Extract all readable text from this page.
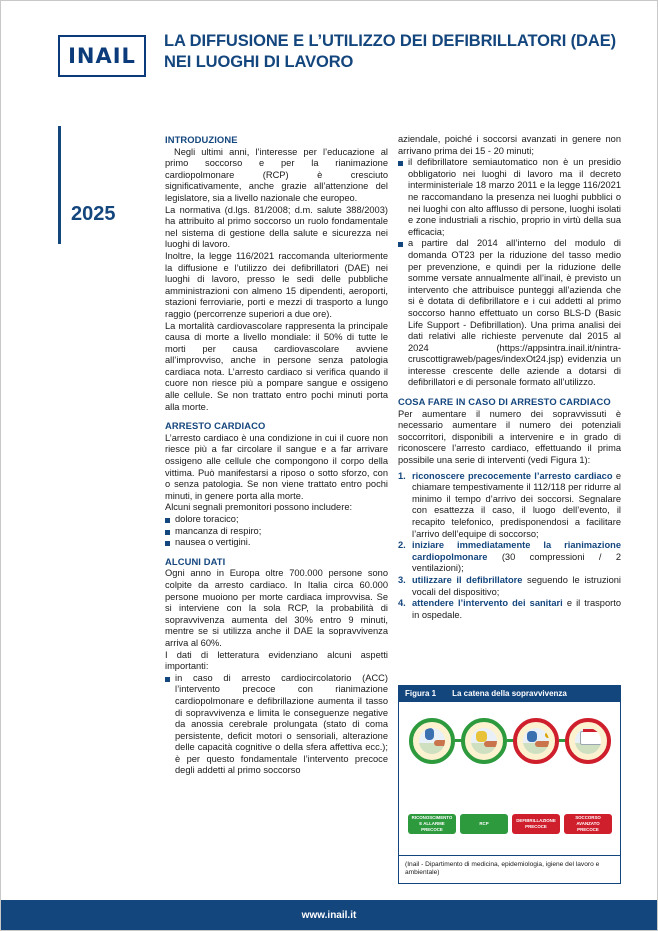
INAIL
LA DIFFUSIONE E L’UTILIZZO DEI DEFIBRILLATORI (DAE) NEI LUOGHI DI LAVORO
2025
INTRODUZIONE

Negli ultimi anni, l’interesse per l’educazione al primo soccorso e per la rianimazione cardiopolmonare (RCP) è cresciuto significativamente, anche grazie all’attenzione del legislatore, sia a livello nazionale che europeo.

La normativa (d.lgs. 81/2008; d.m. salute 388/2003) ha attribuito al primo soccorso un ruolo fondamentale nel sistema di gestione della salute e sicurezza nei luoghi di lavoro.

Inoltre, la legge 116/2021 raccomanda ulteriormente la diffusione e l’utilizzo dei defibrillatori (DAE) nei luoghi di lavoro, presso le sedi delle pubbliche amministrazioni con almeno 15 dipendenti, aeroporti, stazioni ferroviarie, porti e mezzi di trasporto a lungo raggio (percorrenze superiori a due ore).

La mortalità cardiovascolare rappresenta la principale causa di morte a livello mondiale: il 50% di tutte le morti per causa cardiovascolare avviene all’improvviso, anche in persone senza patologia cardiaca nota. L’arresto cardiaco si verifica quando il cuore non riesce più a pompare sangue e ossigeno alle cellule. Se non trattato entro pochi minuti porta alla morte.

ARRESTO CARDIACO

L’arresto cardiaco è una condizione in cui il cuore non riesce più a far circolare il sangue e a far arrivare ossigeno alle cellule che compongono il corpo della vittima. Può manifestarsi a riposo o sotto sforzo, con o senza patologia. Se non viene trattato entro pochi minuti, in genere porta alla morte.

Alcuni segnali premonitori possono includere:

dolore toracico;
mancanza di respiro;
nausea o vertigini.
ALCUNI DATI

Ogni anno in Europa oltre 700.000 persone sono colpite da arresto cardiaco. In Italia circa 60.000 persone muoiono per morte cardiaca improvvisa. Se si interviene con la sola RCP, la probabilità di sopravvivenza aumenta del 30% entro 9 minuti, mentre se si utilizza anche il DAE la sopravvivenza arriva al 60%.

I dati di letteratura evidenziano alcuni aspetti importanti:

in caso di arresto cardiocircolatorio (ACC) l’intervento precoce con rianimazione cardiopolmonare e defibrillazione aumenta il tasso di sopravvivenza e limita le conseguenze negative da anossia cerebrale prolungata (stato di coma persistente, deficit motori o sensoriali, alterazione delle capacità cognitive o della sfera affettiva ecc.); è per questo fondamentale l’intervento precoce degli addetti al primo soccorso

aziendale, poiché i soccorsi avanzati in genere non arrivano prima dei 15 - 20 minuti;

il defibrillatore semiautomatico non è un presidio obbligatorio nei luoghi di lavoro ma il decreto interministeriale 18 marzo 2011 e la legge 116/2021 ne raccomandano la presenza nei luoghi pubblici o nei luoghi con alto afflusso di persone, luoghi isolati e zone industriali a rischio, proprio in virtù della sua efficacia;
a partire dal 2014 all’interno del modulo di domanda OT23 per la riduzione del tasso medio per prevenzione, e quindi per la riduzione delle somme versate annualmente all’inail, è previsto un intervento che attribuisce punteggi all’azienda che si è dotata di defibrillatore e i cui addetti al primo soccorso hanno effettuato un corso BLS-D (Basic Life Support - Defibrillation). Una prima analisi dei dati relativi alle richieste pervenute dal 2015 al 2024 (https://appsintra.inail.it/nintra-cruscottigraweb/pages/indexOt24.jsp) evidenzia un interesse crescente delle aziende a dotarsi di defibrillatori e di personale formato all’utilizzo.
COSA FARE IN CASO DI ARRESTO CARDIACO

Per aumentare il numero dei sopravvissuti è necessario aumentare il numero dei potenziali soccorritori, disponibili a intervenire e in grado di riconoscere l’arresto cardiaco, effettuando il prima possibile una serie di interventi (vedi Figura 1):

riconoscere precocemente l’arresto cardiaco e chiamare tempestivamente il 112/118 per ridurre al minimo il tempo d’arrivo dei soccorsi. Segnalare con esattezza il caso, il luogo dell’evento, il recapito telefonico, predisponendosi a facilitare l’arrivo dell’equipe di soccorso;
iniziare immediatamente la rianimazione cardiopolmonare (30 compressioni / 2 ventilazioni);
utilizzare il defibrillatore seguendo le istruzioni vocali del dispositivo;
attendere l’intervento dei sanitari e il trasporto in ospedale.
Figura 1	La catena della sopravvivenza
RICONOSCIMENTO E ALLARME PRECOCE
RCP
DEFIBRILLAZIONE PRECOCE
SOCCORSO AVANZATO PRECOCE
(Inail - Dipartimento di medicina, epidemiologia, igiene del lavoro e ambientale)
www.inail.it
